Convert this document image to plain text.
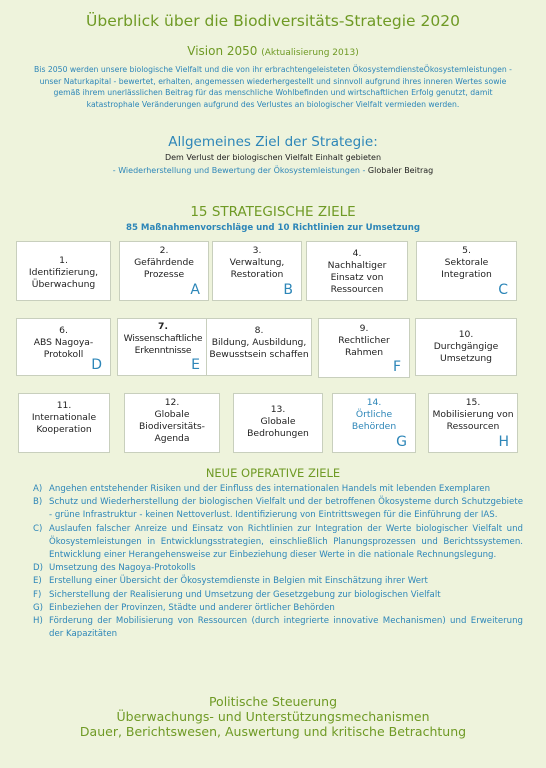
Überblick über die Biodiversitäts-Strategie 2020
Vision 2050 (Aktualisierung 2013)
Bis 2050 werden unsere biologische Vielfalt und die von ihr erbrachtengeleisteten ÖkosystemdiensteÖkosystemleistungen - unser Naturkapital - bewertet, erhalten, angemessen wiederhergestellt und sinnvoll aufgrund ihres inneren Wertes sowie gemäß ihrem unerlässlichen Beitrag für das menschliche Wohlbefinden und wirtschaftlichen Erfolg genutzt, damit katastrophale Veränderungen aufgrund des Verlustes an biologischer Vielfalt vermieden werden.
Allgemeines Ziel der Strategie:
Dem Verlust der biologischen Vielfalt Einhalt gebieten
- Wiederherstellung und Bewertung der Ökosystemleistungen - Globaler Beitrag
15 STRATEGISCHE ZIELE
85 Maßnahmenvorschläge und 10 Richtlinien zur Umsetzung
1.
Identifizierung, Überwachung
2.
Gefährdende Prozesse
A
3.
Verwaltung, Restoration
B
4.
Nachhaltiger Einsatz von Ressourcen
5.
Sektorale Integration
C
6.
ABS Nagoya-Protokoll
D
7.
Wissenschaftliche Erkenntnisse
E
8.
Bildung, Ausbildung, Bewusstsein schaffen
9.
Rechtlicher Rahmen
F
10.
Durchgängige Umsetzung
11.
Internationale Kooperation
12.
Globale Biodiversitäts-Agenda
13.
Globale Bedrohungen
14.
Örtliche Behörden
G
15.
Mobilisierung von Ressourcen
H
NEUE OPERATIVE ZIELE
A) Angehen entstehender Risiken und der Einfluss des internationalen Handels mit lebenden Exemplaren
B) Schutz und Wiederherstellung der biologischen Vielfalt und der betroffenen Ökosysteme durch Schutzgebiete - grüne Infrastruktur - keinen Nettoverlust. Identifizierung von Eintrittswegen für die Einführung der IAS.
C) Auslaufen falscher Anreize und Einsatz von Richtlinien zur Integration der Werte biologischer Vielfalt und Ökosystemleistungen in Entwicklungsstrategien, einschließlich Planungsprozessen und Berichtssystemen. Entwicklung einer Herangehensweise zur Einbeziehung dieser Werte in die nationale Rechnungslegung.
D) Umsetzung des Nagoya-Protokolls
E) Erstellung einer Übersicht der Ökosystemdienste in Belgien mit Einschätzung ihrer Wert
F) Sicherstellung der Realisierung und Umsetzung der Gesetzgebung zur biologischen Vielfalt
G) Einbeziehen der Provinzen, Städte und anderer örtlicher Behörden
H) Förderung der Mobilisierung von Ressourcen (durch integrierte innovative Mechanismen) und Erweiterung der Kapazitäten
Politische Steuerung
Überwachungs- und Unterstützungsmechanismen
Dauer, Berichtswesen, Auswertung und kritische Betrachtung
